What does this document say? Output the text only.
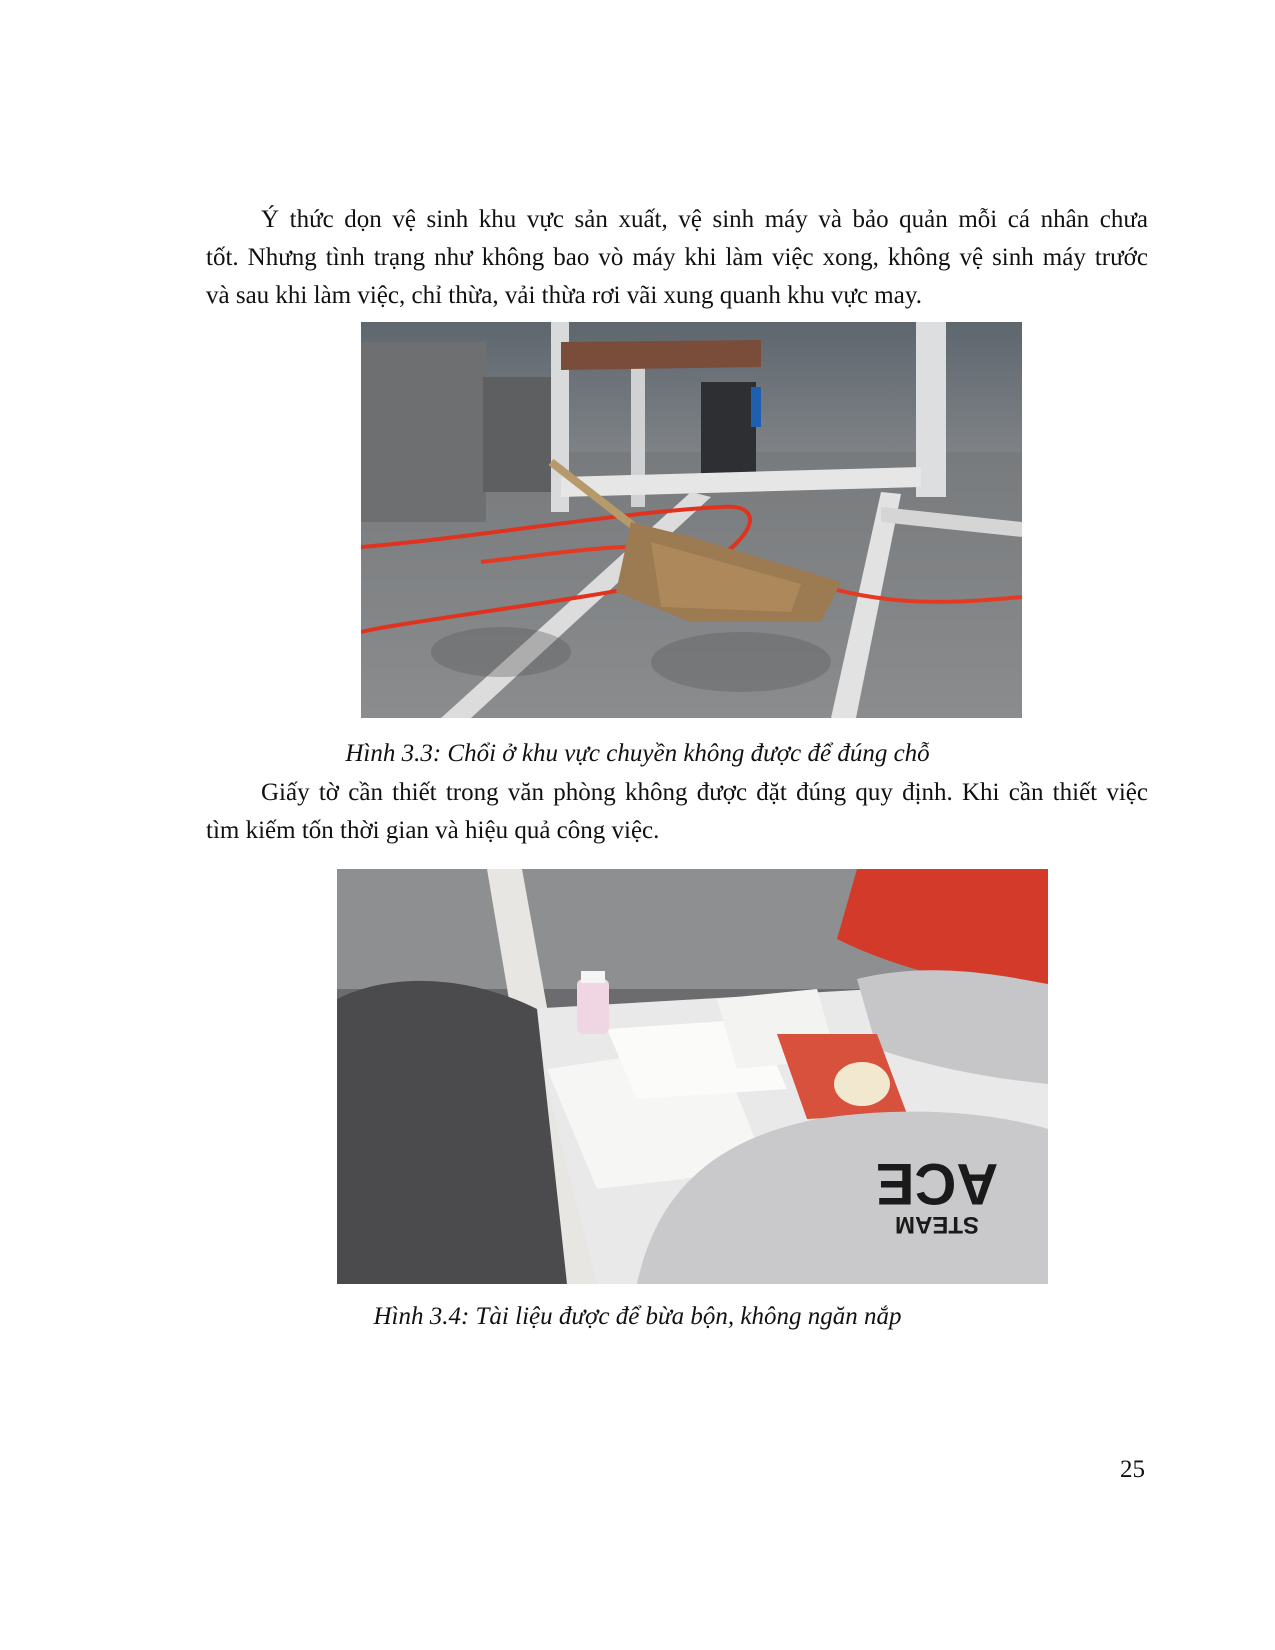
Ý thức dọn vệ sinh khu vực sản xuất, vệ sinh máy và bảo quản mỗi cá nhân chưa
tốt. Nhưng tình trạng như không bao vò máy khi làm việc xong, không vệ sinh máy trước
và sau khi làm việc, chỉ thừa, vải thừa rơi vãi xung quanh khu vực may.

Hình 3.3: Chổi ở khu vực chuyền không được để đúng chỗ

Giấy tờ cần thiết trong văn phòng không được đặt đúng quy định. Khi cần thiết việc
tìm kiếm tốn thời gian và hiệu quả công việc.

ACE
STEAM

Hình 3.4: Tài liệu được để bừa bộn, không ngăn nắp

25
